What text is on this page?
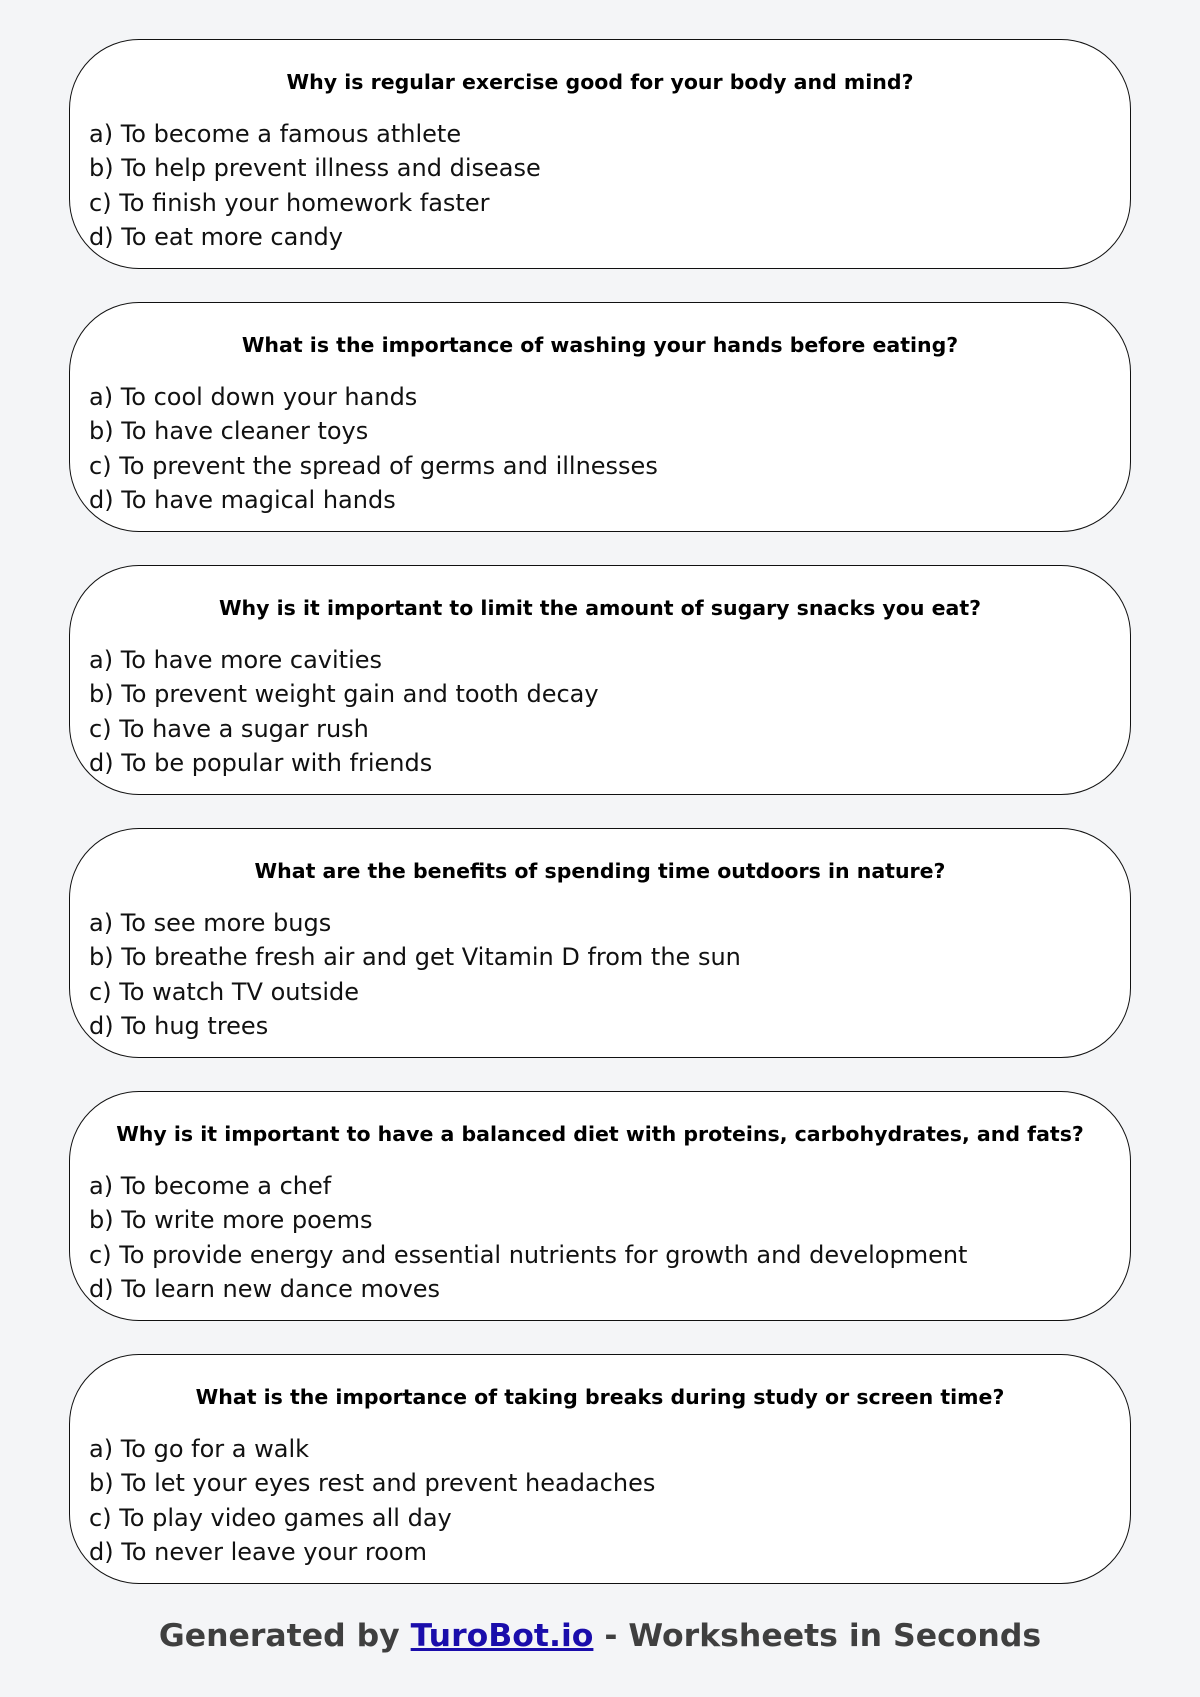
Why is regular exercise good for your body and mind?
a) To become a famous athlete
b) To help prevent illness and disease
c) To finish your homework faster
d) To eat more candy
What is the importance of washing your hands before eating?
a) To cool down your hands
b) To have cleaner toys
c) To prevent the spread of germs and illnesses
d) To have magical hands
Why is it important to limit the amount of sugary snacks you eat?
a) To have more cavities
b) To prevent weight gain and tooth decay
c) To have a sugar rush
d) To be popular with friends
What are the benefits of spending time outdoors in nature?
a) To see more bugs
b) To breathe fresh air and get Vitamin D from the sun
c) To watch TV outside
d) To hug trees
Why is it important to have a balanced diet with proteins, carbohydrates, and fats?
a) To become a chef
b) To write more poems
c) To provide energy and essential nutrients for growth and development
d) To learn new dance moves
What is the importance of taking breaks during study or screen time?
a) To go for a walk
b) To let your eyes rest and prevent headaches
c) To play video games all day
d) To never leave your room
Generated by TuroBot.io - Worksheets in Seconds
